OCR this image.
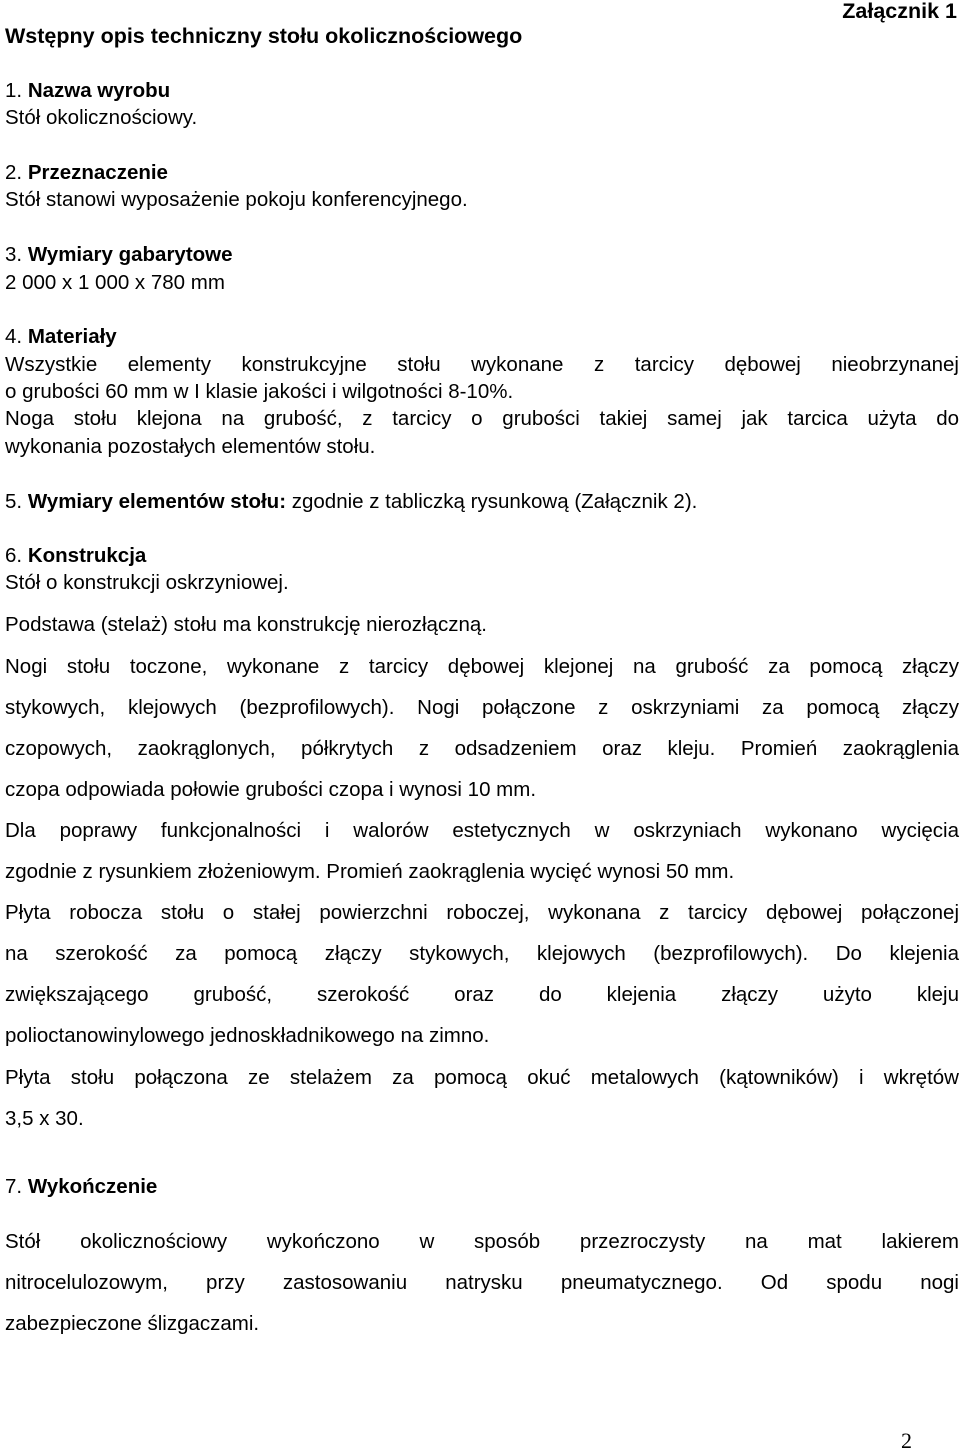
Załącznik 1
Wstępny opis techniczny stołu okolicznościowego
1. Nazwa wyrobu
Stół okolicznościowy.
2. Przeznaczenie
Stół stanowi wyposażenie pokoju konferencyjnego.
3. Wymiary gabarytowe
2 000 x 1 000 x 780 mm
4. Materiały
Wszystkie elementy konstrukcyjne stołu wykonane z tarcicy dębowej nieobrzynanej
o grubości 60 mm w I klasie jakości i wilgotności 8-10%.
Noga stołu klejona na grubość, z tarcicy o grubości takiej samej jak tarcica użyta do
wykonania pozostałych elementów stołu.
5. Wymiary elementów stołu: zgodnie z tabliczką rysunkową (Załącznik 2).
6. Konstrukcja
Stół o konstrukcji oskrzyniowej.
Podstawa (stelaż) stołu ma konstrukcję nierozłączną.
Nogi stołu toczone, wykonane z tarcicy dębowej klejonej na grubość za pomocą złączy
stykowych, klejowych (bezprofilowych). Nogi połączone z oskrzyniami za pomocą złączy
czopowych, zaokrąglonych, półkrytych z odsadzeniem oraz kleju. Promień zaokrąglenia
czopa odpowiada połowie grubości czopa i wynosi 10 mm.
Dla poprawy funkcjonalności i walorów estetycznych w oskrzyniach wykonano wycięcia
zgodnie z rysunkiem złożeniowym. Promień zaokrąglenia wycięć wynosi 50 mm.
Płyta robocza stołu o stałej powierzchni roboczej, wykonana z tarcicy dębowej połączonej
na szerokość za pomocą złączy stykowych, klejowych (bezprofilowych). Do klejenia
zwiększającego grubość, szerokość oraz do klejenia złączy użyto kleju
polioctanowinylowego jednoskładnikowego na zimno.
Płyta stołu połączona ze stelażem za pomocą okuć metalowych (kątowników) i wkrętów
3,5 x 30.
7. Wykończenie
Stół okolicznościowy wykończono w sposób przezroczysty na mat lakierem
nitrocelulozowym, przy zastosowaniu natrysku pneumatycznego. Od spodu nogi
zabezpieczone ślizgaczami.
2
